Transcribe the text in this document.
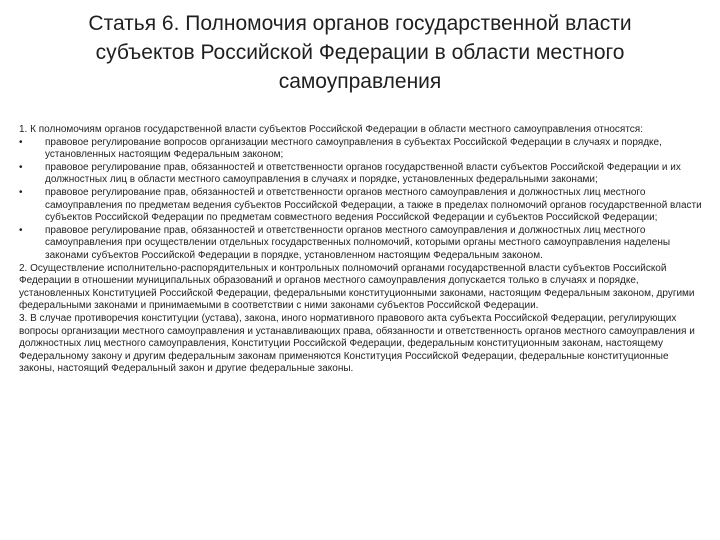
Статья 6. Полномочия органов государственной власти
субъектов Российской Федерации в области местного
самоуправления

1. К полномочиям органов государственной власти субъектов Российской Федерации в области местного самоуправления относятся:

• правовое регулирование вопросов организации местного самоуправления в субъектах Российской Федерации в случаях и порядке, установленных настоящим Федеральным законом;
• правовое регулирование прав, обязанностей и ответственности органов государственной власти субъектов Российской Федерации и их должностных лиц в области местного самоуправления в случаях и порядке, установленных федеральными законами;
• правовое регулирование прав, обязанностей и ответственности органов местного самоуправления и должностных лиц местного самоуправления по предметам ведения субъектов Российской Федерации, а также в пределах полномочий органов государственной власти субъектов Российской Федерации по предметам совместного ведения Российской Федерации и субъектов Российской Федерации;
• правовое регулирование прав, обязанностей и ответственности органов местного самоуправления и должностных лиц местного самоуправления при осуществлении отдельных государственных полномочий, которыми органы местного самоуправления наделены законами субъектов Российской Федерации в порядке, установленном настоящим Федеральным законом.

2. Осуществление исполнительно-распорядительных и контрольных полномочий органами государственной власти субъектов Российской Федерации в отношении муниципальных образований и органов местного самоуправления допускается только в случаях и порядке, установленных Конституцией Российской Федерации, федеральными конституционными законами, настоящим Федеральным законом, другими федеральными законами и принимаемыми в соответствии с ними законами субъектов Российской Федерации.

3. В случае противоречия конституции (устава), закона, иного нормативного правового акта субъекта Российской Федерации, регулирующих вопросы организации местного самоуправления и устанавливающих права, обязанности и ответственность органов местного самоуправления и должностных лиц местного самоуправления, Конституции Российской Федерации, федеральным конституционным законам, настоящему Федеральному закону и другим федеральным законам применяются Конституция Российской Федерации, федеральные конституционные законы, настоящий Федеральный закон и другие федеральные законы.
